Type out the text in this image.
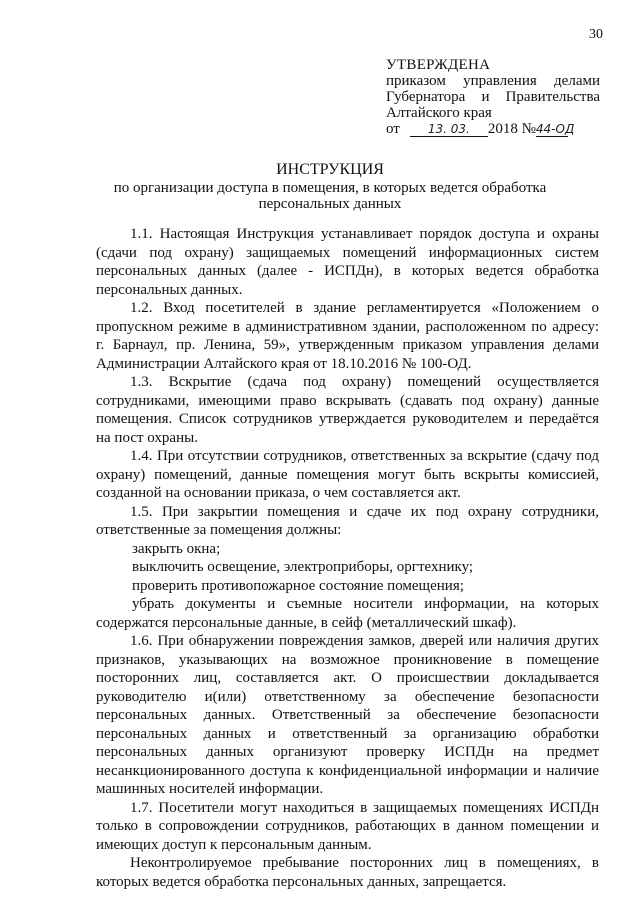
30
УТВЕРЖДЕНА
приказом управления делами
Губернатора и Правительства
Алтайского края
от 13. 03. 2018 №44-ОД
ИНСТРУКЦИЯ
по организации доступа в помещения, в которых ведется обработка
персональных данных

1.1. Настоящая Инструкция устанавливает порядок доступа и охраны (сдачи под охрану) защищаемых помещений информационных систем персональных данных (далее - ИСПДн), в которых ведется обработка персональных данных.

1.2. Вход посетителей в здание регламентируется «Положением о пропускном режиме в административном здании, расположенном по адресу: г. Барнаул, пр. Ленина, 59», утвержденным приказом управления делами Администрации Алтайского края от 18.10.2016 № 100-ОД.

1.3. Вскрытие (сдача под охрану) помещений осуществляется сотрудниками, имеющими право вскрывать (сдавать под охрану) данные помещения. Список сотрудников утверждается руководителем и передаётся на пост охраны.

1.4. При отсутствии сотрудников, ответственных за вскрытие (сдачу под охрану) помещений, данные помещения могут быть вскрыты комиссией, созданной на основании приказа, о чем составляется акт.

1.5. При закрытии помещения и сдаче их под охрану сотрудники, ответственные за помещения должны:

закрыть окна;

выключить освещение, электроприборы, оргтехнику;

проверить противопожарное состояние помещения;

убрать документы и съемные носители информации, на которых содержатся персональные данные, в сейф (металлический шкаф).

1.6. При обнаружении повреждения замков, дверей или наличия других признаков, указывающих на возможное проникновение в помещение посторонних лиц, составляется акт. О происшествии докладывается руководителю и(или) ответственному за обеспечение безопасности персональных данных. Ответственный за обеспечение безопасности персональных данных и ответственный за организацию обработки персональных данных организуют проверку ИСПДн на предмет несанкционированного доступа к конфиденциальной информации и наличие машинных носителей информации.

1.7. Посетители могут находиться в защищаемых помещениях ИСПДн только в сопровождении сотрудников, работающих в данном помещении и имеющих доступ к персональным данным.

Неконтролируемое пребывание посторонних лиц в помещениях, в которых ведется обработка персональных данных, запрещается.
